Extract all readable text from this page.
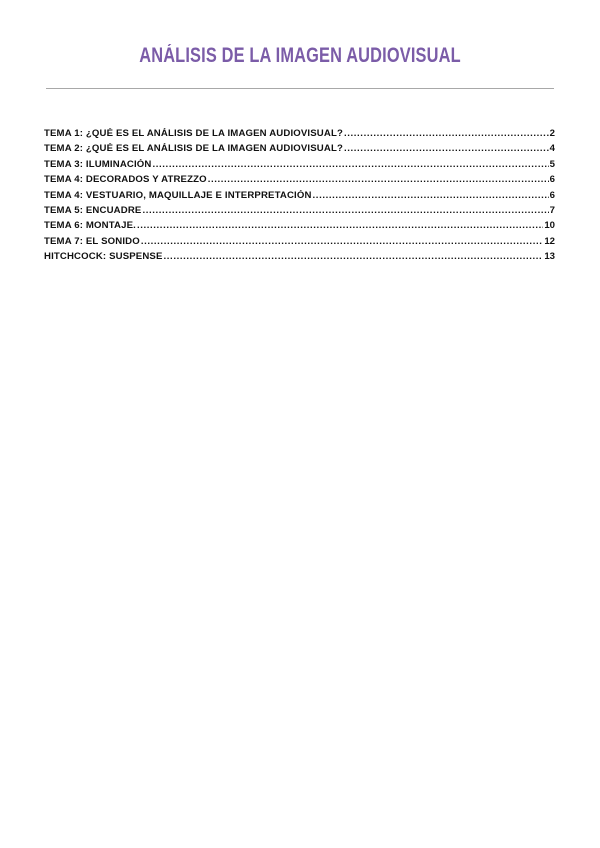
ANÁLISIS DE LA IMAGEN AUDIOVISUAL
TEMA 1: ¿QUÉ ES EL ANÁLISIS DE LA IMAGEN AUDIOVISUAL? .....	2
TEMA 2: ¿QUÉ ES EL ANÁLISIS DE LA IMAGEN AUDIOVISUAL? .....	4
TEMA 3: ILUMINACIÓN .....	5
TEMA 4: DECORADOS Y ATREZZO .....	6
TEMA 4: VESTUARIO, MAQUILLAJE E INTERPRETACIÓN .....	6
TEMA 5: ENCUADRE .....	7
TEMA 6: MONTAJE. .....	10
TEMA 7: EL SONIDO .....	12
HITCHCOCK: SUSPENSE .....	13
